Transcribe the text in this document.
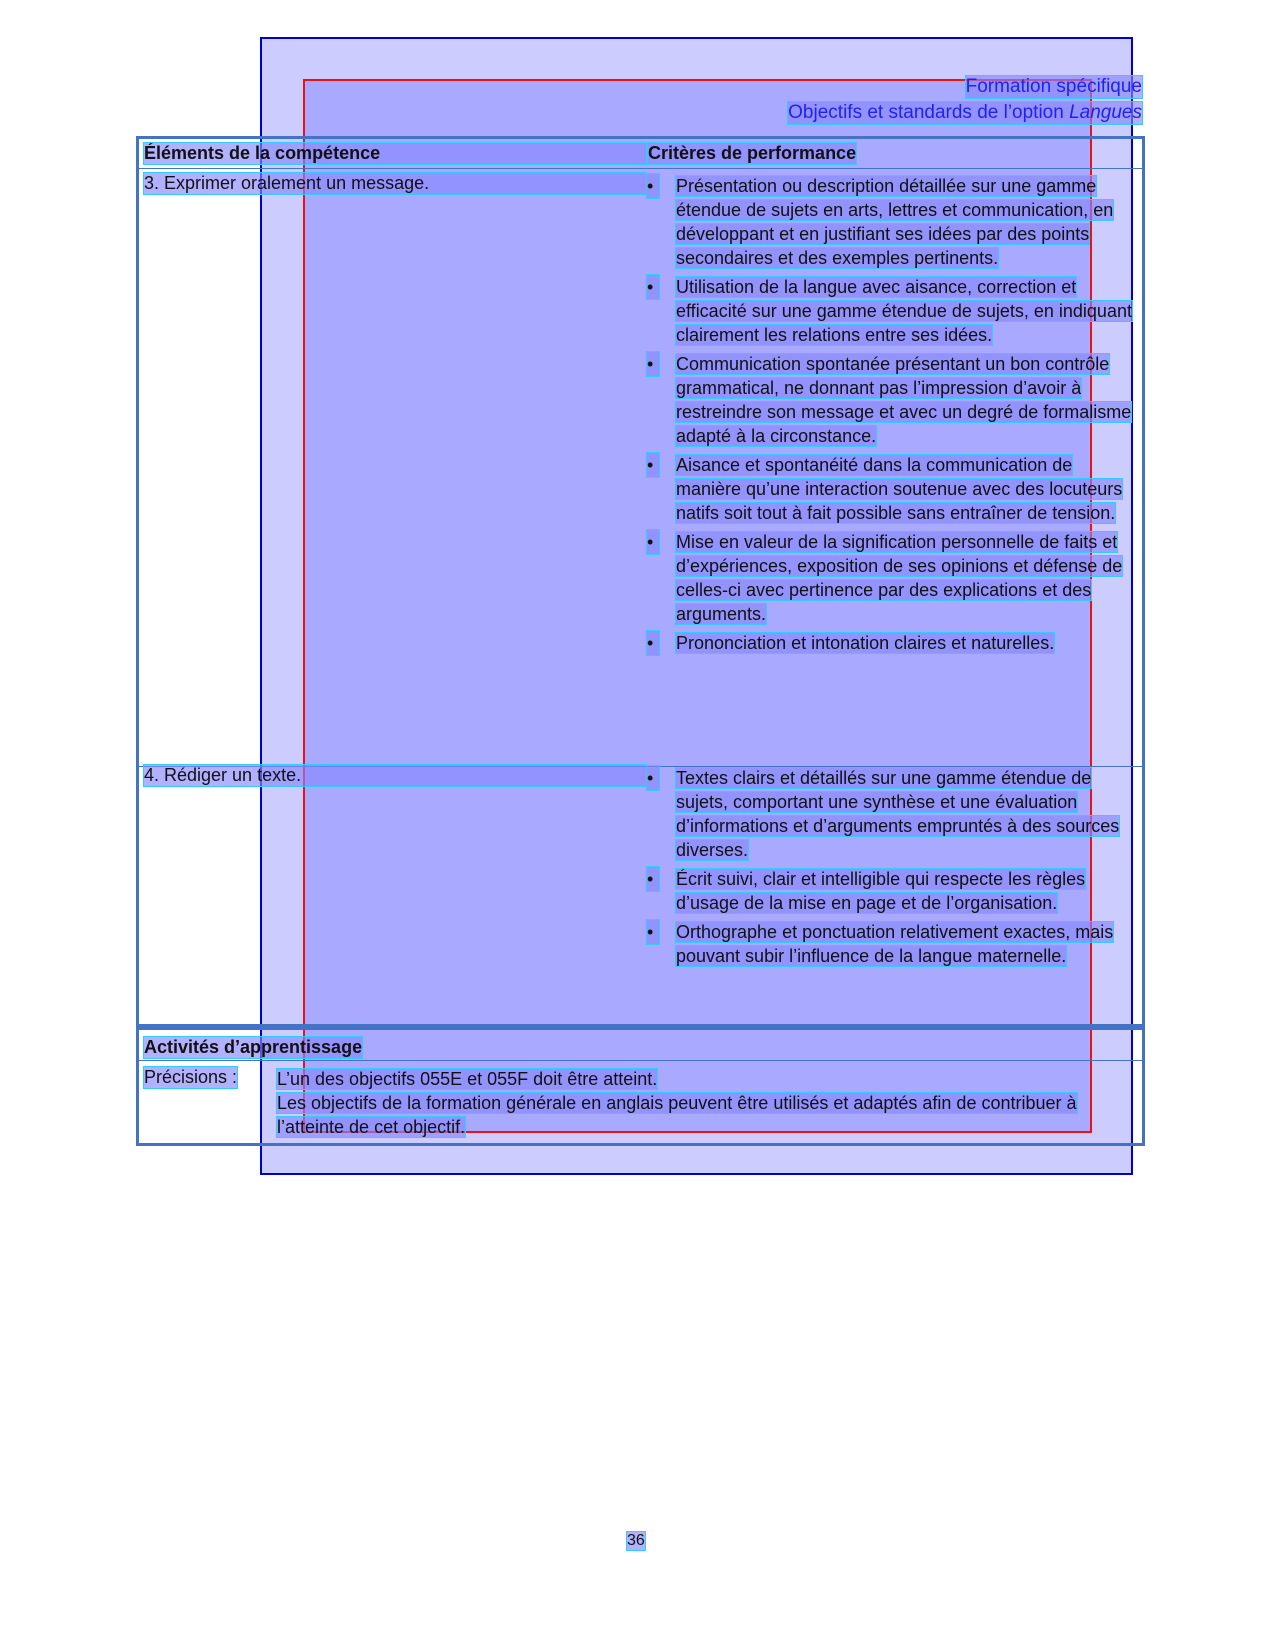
Formation spécifique
Objectifs et standards de l’option Langues
Éléments de la compétence	Critères de performance
3. Exprimer oralement un message.	•	Présentation ou description détaillée sur une gamme étendue de sujets en arts, lettres et communication, en développant et en justifiant ses idées par des points secondaires et des exemples pertinents.
•	Utilisation de la langue avec aisance, correction et efficacité sur une gamme étendue de sujets, en indiquant clairement les relations entre ses idées.
•	Communication spontanée présentant un bon contrôle grammatical, ne donnant pas l’impression d’avoir à restreindre son message et avec un degré de formalisme adapté à la circonstance.
•	Aisance et spontanéité dans la communication de manière qu’une interaction soutenue avec des locuteurs natifs soit tout à fait possible sans entraîner de tension.
•	Mise en valeur de la signification personnelle de faits et d’expériences, exposition de ses opinions et défense de celles-ci avec pertinence par des explications et des arguments.
•	Prononciation et intonation claires et naturelles.
4. Rédiger un texte.	•	Textes clairs et détaillés sur une gamme étendue de sujets, comportant une synthèse et une évaluation d’informations et d’arguments empruntés à des sources diverses.
•	Écrit suivi, clair et intelligible qui respecte les règles d’usage de la mise en page et de l’organisation.
•	Orthographe et ponctuation relativement exactes, mais pouvant subir l’influence de la langue maternelle.
Activités d’apprentissage
Précisions : L’un des objectifs 055E et 055F doit être atteint.
Les objectifs de la formation générale en anglais peuvent être utilisés et adaptés afin de contribuer à l’atteinte de cet objectif.
36
